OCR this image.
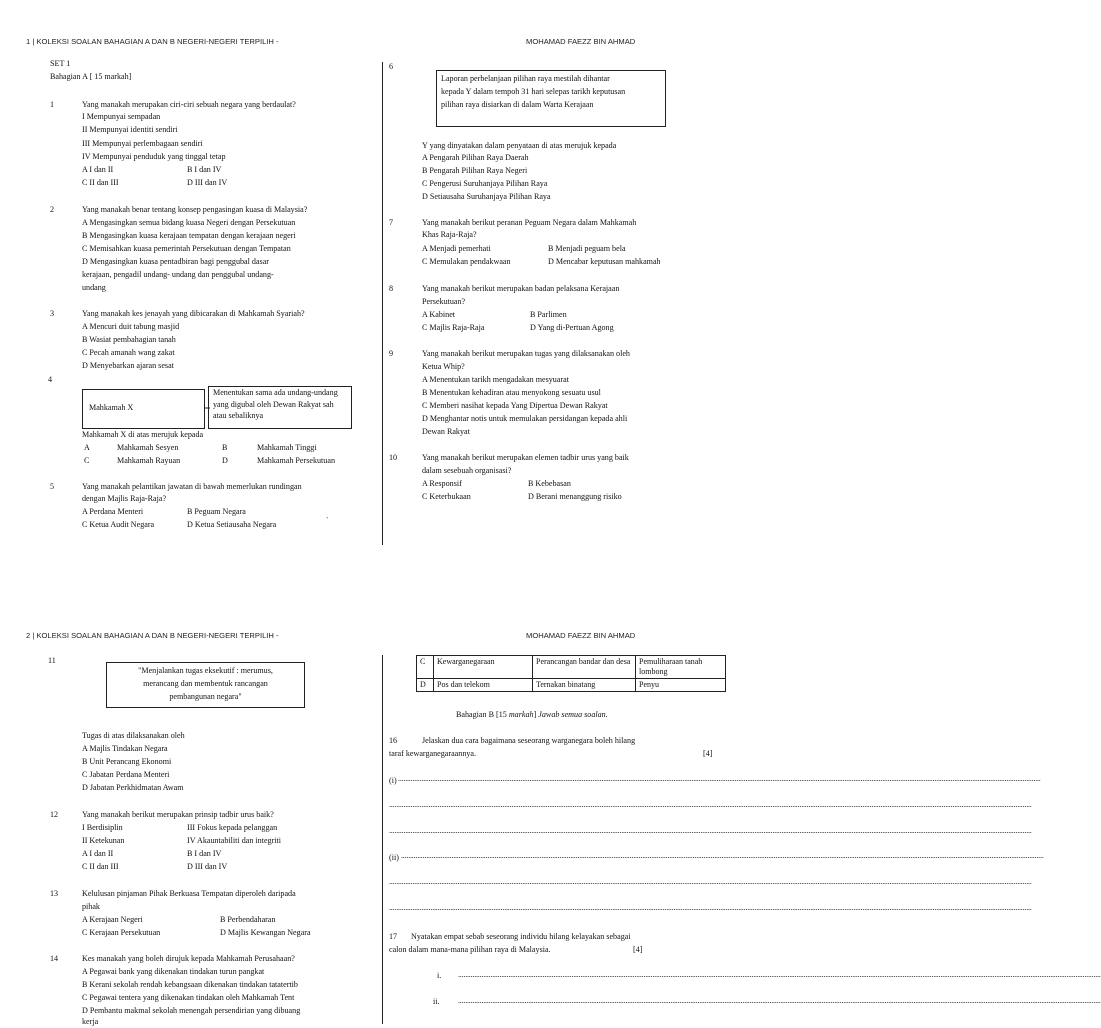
1 | KOLEKSI SOALAN BAHAGIAN A DAN B NEGERI-NEGERI TERPILIH -	MOHAMAD FAEZZ BIN AHMAD
SET 1
Bahagian A [ 15 markah]
1	Yang manakah merupakan ciri-ciri sebuah negara yang berdaulat?
I Mempunyai sempadan
II Mempunyai identiti sendiri
III Mempunyai perlembagaan sendiri
IV Mempunyai penduduk yang tinggal tetap
A I dan II	B I dan IV
C II dan III	D III dan IV
2	Yang manakah benar tentang konsep pengasingan kuasa di Malaysia?
A Mengasingkan semua bidang kuasa Negeri dengan Persekutuan
B Mengasingkan kuasa kerajaan tempatan dengan kerajaan negeri
C Memisahkan kuasa pemerintah Persekutuan dengan Tempatan
D Mengasingkan kuasa pentadbiran bagi penggubal dasar
kerajaan, pengadil undang- undang dan penggubal undang-
undang
3	Yang manakah kes jenayah yang dibicarakan di Mahkamah Syariah?
A Mencuri duit tabung masjid
B Wasiat pembahagian tanah
C Pecah amanah wang zakat
D Menyebarkan ajaran sesat
4
Mahkamah X
Menentukan sama ada undang-undang
yang digubal oleh Dewan Rakyat sah
atau sebaliknya
Mahkamah X di atas merujuk kepada
A	Mahkamah Sesyen	B	Mahkamah Tinggi
C	Mahkamah Rayuan	D	Mahkamah Persekutuan
5	Yang manakah pelantikan jawatan di bawah memerlukan rundingan
dengan Majlis Raja-Raja?
A Perdana Menteri	B Peguam Negara
C Ketua Audit Negara	D Ketua Setiausaha Negara	`
6
Laporan perbelanjaan pilihan raya mestilah dihantar
kepada Y dalam tempoh 31 hari selepas tarikh keputusan
pilihan raya disiarkan di dalam Warta Kerajaan
Y yang dinyatakan dalam penyataan di atas merujuk kepada
A Pengarah Pilihan Raya Daerah
B Pengarah Pilihan Raya Negeri
C Pengerusi Suruhanjaya Pilihan Raya
D Setiausaha Suruhanjaya Pilihan Raya
7	Yang manakah berikut peranan Peguam Negara dalam Mahkamah
Khas Raja-Raja?
A Menjadi pemerhati	B Menjadi peguam bela
C Memulakan pendakwaan	D Mencabar keputusan mahkamah
8	Yang manakah berikut merupakan badan pelaksana Kerajaan
Persekutuan?
A Kabinet	B Parlimen
C Majlis Raja-Raja	D Yang di-Pertuan Agong
9	Yang manakah berikut merupakan tugas yang dilaksanakan oleh
Ketua Whip?
A Menentukan tarikh mengadakan mesyuarat
B Menentukan kehadiran atau menyokong sesuatu usul
C Memberi nasihat kepada Yang Dipertua Dewan Rakyat
D Menghantar notis untuk memulakan persidangan kepada ahli
Dewan Rakyat
10	Yang manakah berikut merupakan elemen tadbir urus yang baik
dalam sesebuah organisasi?
A Responsif	B Kebebasan
C Keterbukaan	D Berani menanggung risiko
2 | KOLEKSI SOALAN BAHAGIAN A DAN B NEGERI-NEGERI TERPILIH -	MOHAMAD FAEZZ BIN AHMAD
11
"Menjalankan tugas eksekutif : merumus,
merancang dan membentuk rancangan
pembangunan negara"
Tugas di atas dilaksanakan oleh
A Majlis Tindakan Negara
B Unit Perancang Ekonomi
C Jabatan Perdana Menteri
D Jabatan Perkhidmatan Awam
12	Yang manakah berikut merupakan prinsip tadbir urus baik?
I Berdisiplin	III Fokus kepada pelanggan
II Ketekunan	IV Akauntabiliti dan integriti
A I dan II	B I dan IV
C II dan III	D III dan IV
13	Kelulusan pinjaman Pihak Berkuasa Tempatan diperoleh daripada
pihak
A Kerajaan Negeri	B Perbendaharan
C Kerajaan Persekutuan	D Majlis Kewangan Negara
14	Kes manakah yang boleh dirujuk kepada Mahkamah Perusahaan?
A Pegawai bank yang dikenakan tindakan turun pangkat
B Kerani sekolah rendah kebangsaan dikenakan tindakan tatatertib
C Pegawai tentera yang dikenakan tindakan oleh Mahkamah Tent
D Pembantu makmal sekolah menengah persendirian yang dibuang
kerja
C	Kewarganegaraan	Perancangan bandar dan desa	Pemuliharaan tanah lombong
D	Pos dan telekom	Ternakan binatang	Penyu
Bahagian B [15 markah] Jawab semua soalan.
16	Jelaskan dua cara bagaimana seseorang warganegara boleh hilang
taraf kewarganegaraannya.	[4]
(i) .....................................................................................................................................................................................................................................................................................................................................................................
.....................................................................................................................................................................................................................................................................................................................................................................
.....................................................................................................................................................................................................................................................................................................................................................................
(ii) .....................................................................................................................................................................................................................................................................................................................................................................
.....................................................................................................................................................................................................................................................................................................................................................................
.....................................................................................................................................................................................................................................................................................................................................................................
17 Nyatakan empat sebab seseorang individu hilang kelayakan sebagai
calon dalam mana-mana pilihan raya di Malaysia.	[4]
i. .....................................................................................................................................................................................................................................................................................................................................................................
ii. .....................................................................................................................................................................................................................................................................................................................................................................
